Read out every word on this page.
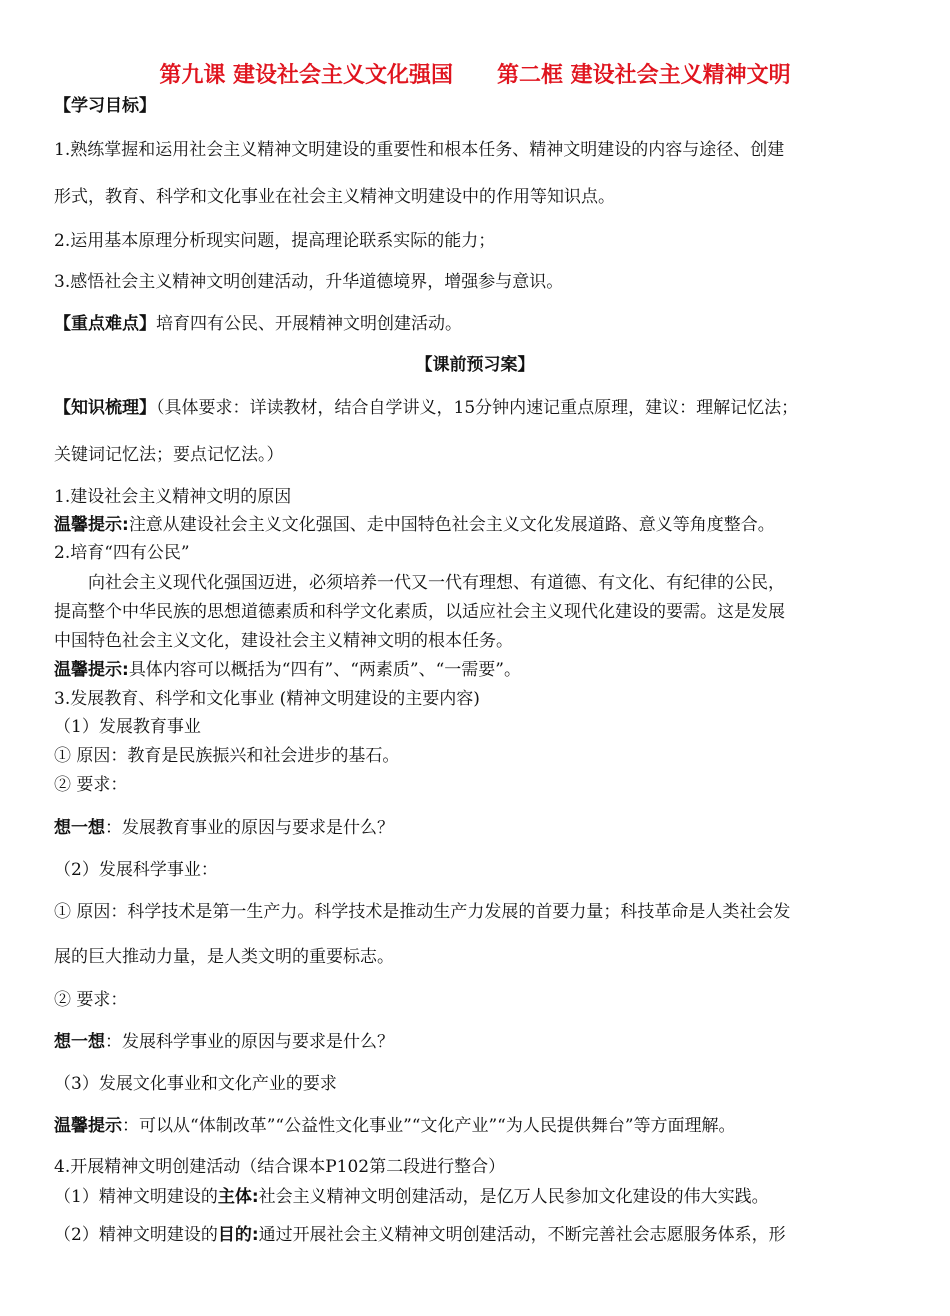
第九课 建设社会主义文化强国 第二框 建设社会主义精神文明
【学习目标】
1.熟练掌握和运用社会主义精神文明建设的重要性和根本任务、精神文明建设的内容与途径、创建
形式，教育、科学和文化事业在社会主义精神文明建设中的作用等知识点。
2.运用基本原理分析现实问题，提高理论联系实际的能力；
3.感悟社会主义精神文明创建活动，升华道德境界，增强参与意识。
【重点难点】培育四有公民、开展精神文明创建活动。
【课前预习案】
【知识梳理】（具体要求：详读教材，结合自学讲义，15分钟内速记重点原理，建议：理解记忆法；
关键词记忆法；要点记忆法。）
1.建设社会主义精神文明的原因
温馨提示:注意从建设社会主义文化强国、走中国特色社会主义文化发展道路、意义等角度整合。
2.培育“四有公民”
向社会主义现代化强国迈进，必须培养一代又一代有理想、有道德、有文化、有纪律的公民，
提高整个中华民族的思想道德素质和科学文化素质，以适应社会主义现代化建设的要需。这是发展
中国特色社会主义文化，建设社会主义精神文明的根本任务。
温馨提示:具体内容可以概括为“四有”、“两素质”、“一需要”。
3.发展教育、科学和文化事业 (精神文明建设的主要内容)
（1）发展教育事业
① 原因：教育是民族振兴和社会进步的基石。
② 要求：
想一想：发展教育事业的原因与要求是什么？
（2）发展科学事业：
① 原因：科学技术是第一生产力。科学技术是推动生产力发展的首要力量；科技革命是人类社会发
展的巨大推动力量，是人类文明的重要标志。
② 要求：
想一想：发展科学事业的原因与要求是什么？
（3）发展文化事业和文化产业的要求
温馨提示：可以从“体制改革”“公益性文化事业”“文化产业”“为人民提供舞台”等方面理解。
4.开展精神文明创建活动（结合课本P102第二段进行整合）
（1）精神文明建设的主体:社会主义精神文明创建活动，是亿万人民参加文化建设的伟大实践。
（2）精神文明建设的目的:通过开展社会主义精神文明创建活动，不断完善社会志愿服务体系，形
